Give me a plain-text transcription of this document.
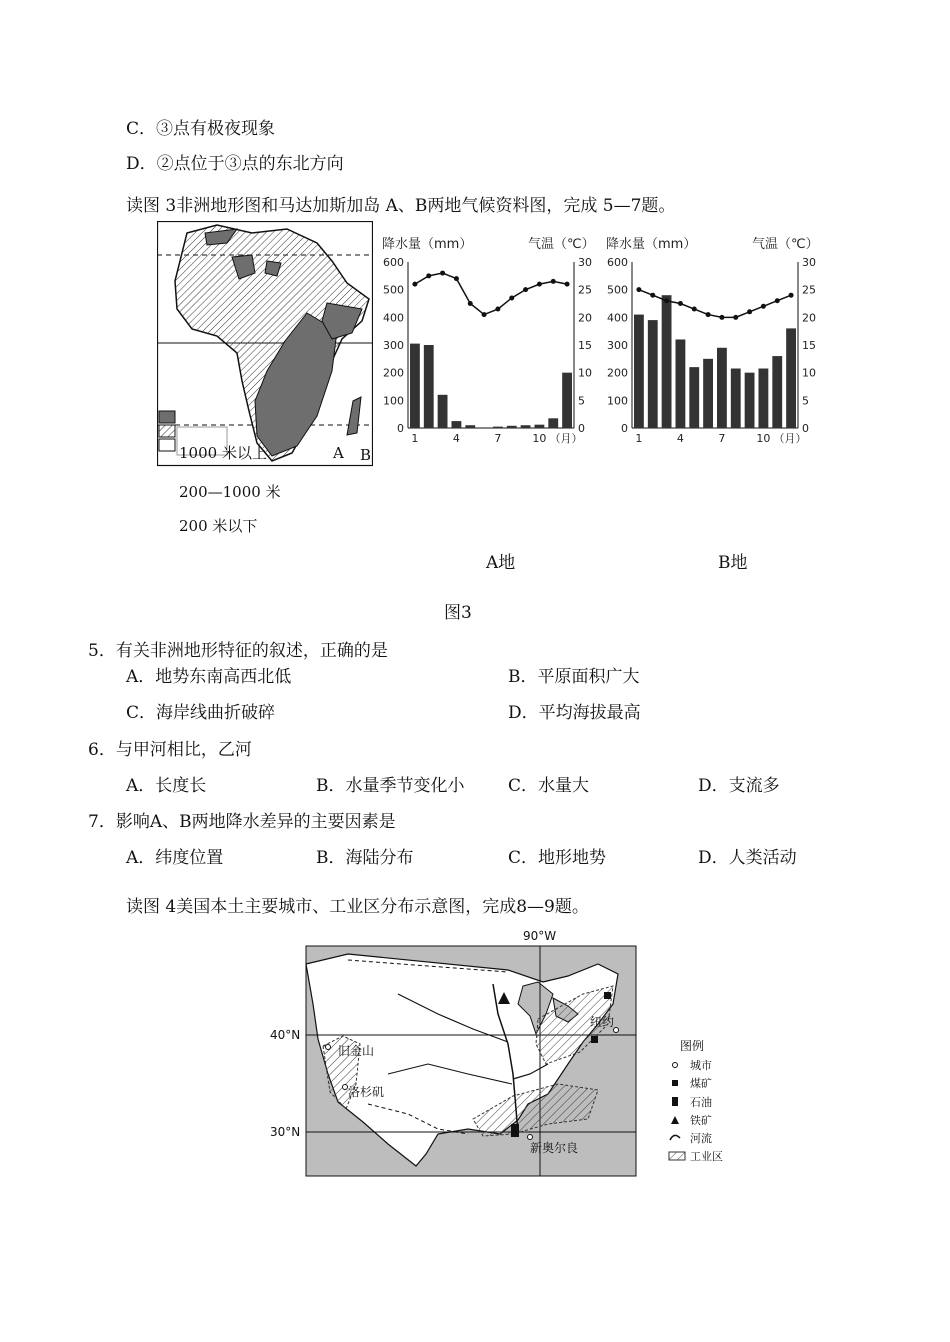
C．③点有极夜现象
D．②点位于③点的东北方向
读图 3非洲地形图和马达加斯加岛 A、B两地气候资料图，完成 5—7题。
1000 米以上	A B
200—1000 米
200 米以下
降水量（mm）	气温（℃）
0
100
200
300
400
500
600
0
5
10
15
20
25
30
1	4	7	10 （月）
降水量（mm）	气温（℃）
0
100
200
300
400
500
600
0
5
10
15
20
25
30
1	4	7	10 （月）
A地	B地
图3
5．有关非洲地形特征的叙述，正确的是
A．地势东南高西北低	B．平原面积广大
C．海岸线曲折破碎	D．平均海拔最高
6．与甲河相比，乙河
A．长度长	B．水量季节变化小	C．水量大	D．支流多
7．影响A、B两地降水差异的主要因素是
A．纬度位置	B．海陆分布	C．地形地势	D．人类活动
读图 4美国本土主要城市、工业区分布示意图，完成8—9题。
90°W
旧金山
洛杉矶
纽约
新奥尔良
40°N
30°N
图例
城市
煤矿
石油
铁矿
河流
工业区
